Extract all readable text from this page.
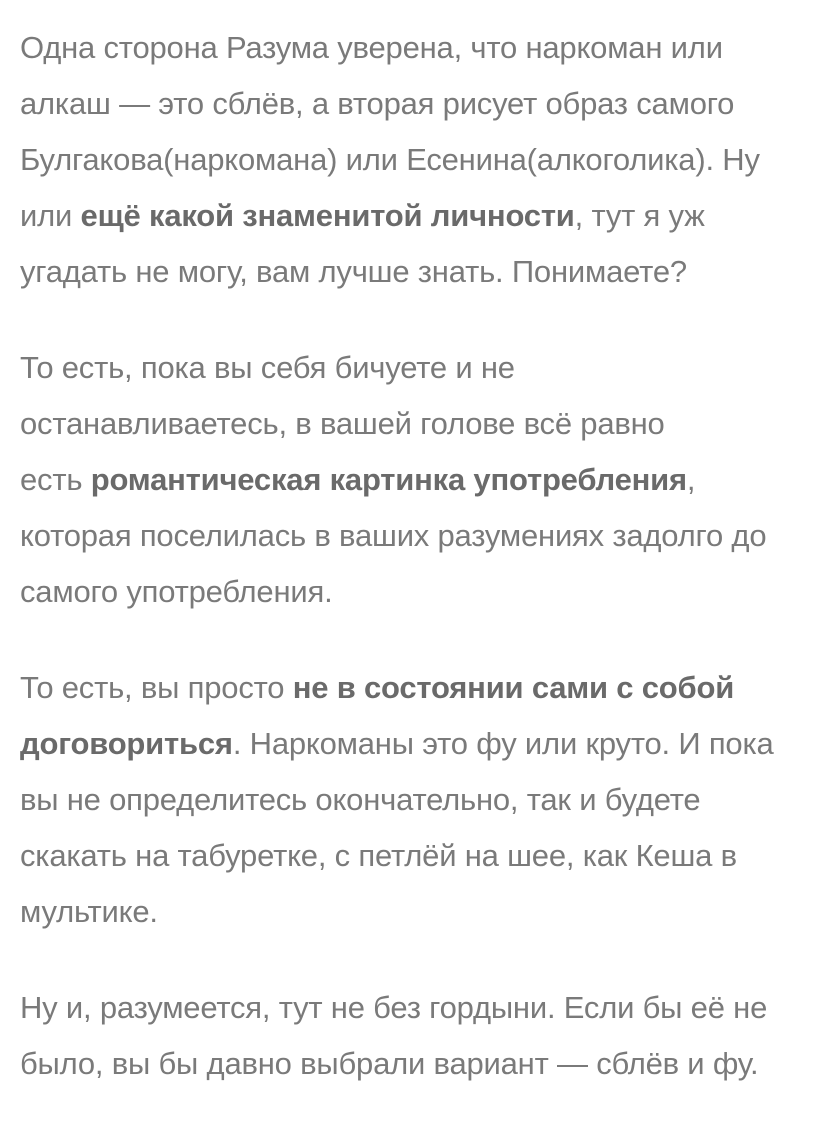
Одна сторона Разума уверена, что наркоман или
алкаш — это сблёв, а вторая рисует образ самого
Булгакова(наркомана) или Есенина(алкоголика). Ну
или ещё какой знаменитой личности, тут я уж
угадать не могу, вам лучше знать. Понимаете?
То есть, пока вы себя бичуете и не
останавливаетесь, в вашей голове всё равно
есть романтическая картинка употребления,
которая поселилась в ваших разумениях задолго до
самого употребления.
То есть, вы просто не в состоянии сами с собой
договориться. Наркоманы это фу или круто. И пока
вы не определитесь окончательно, так и будете
скакать на табуретке, с петлёй на шее, как Кеша в
мультике.
Ну и, разумеется, тут не без гордыни. Если бы её не
было, вы бы давно выбрали вариант — сблёв и фу.
